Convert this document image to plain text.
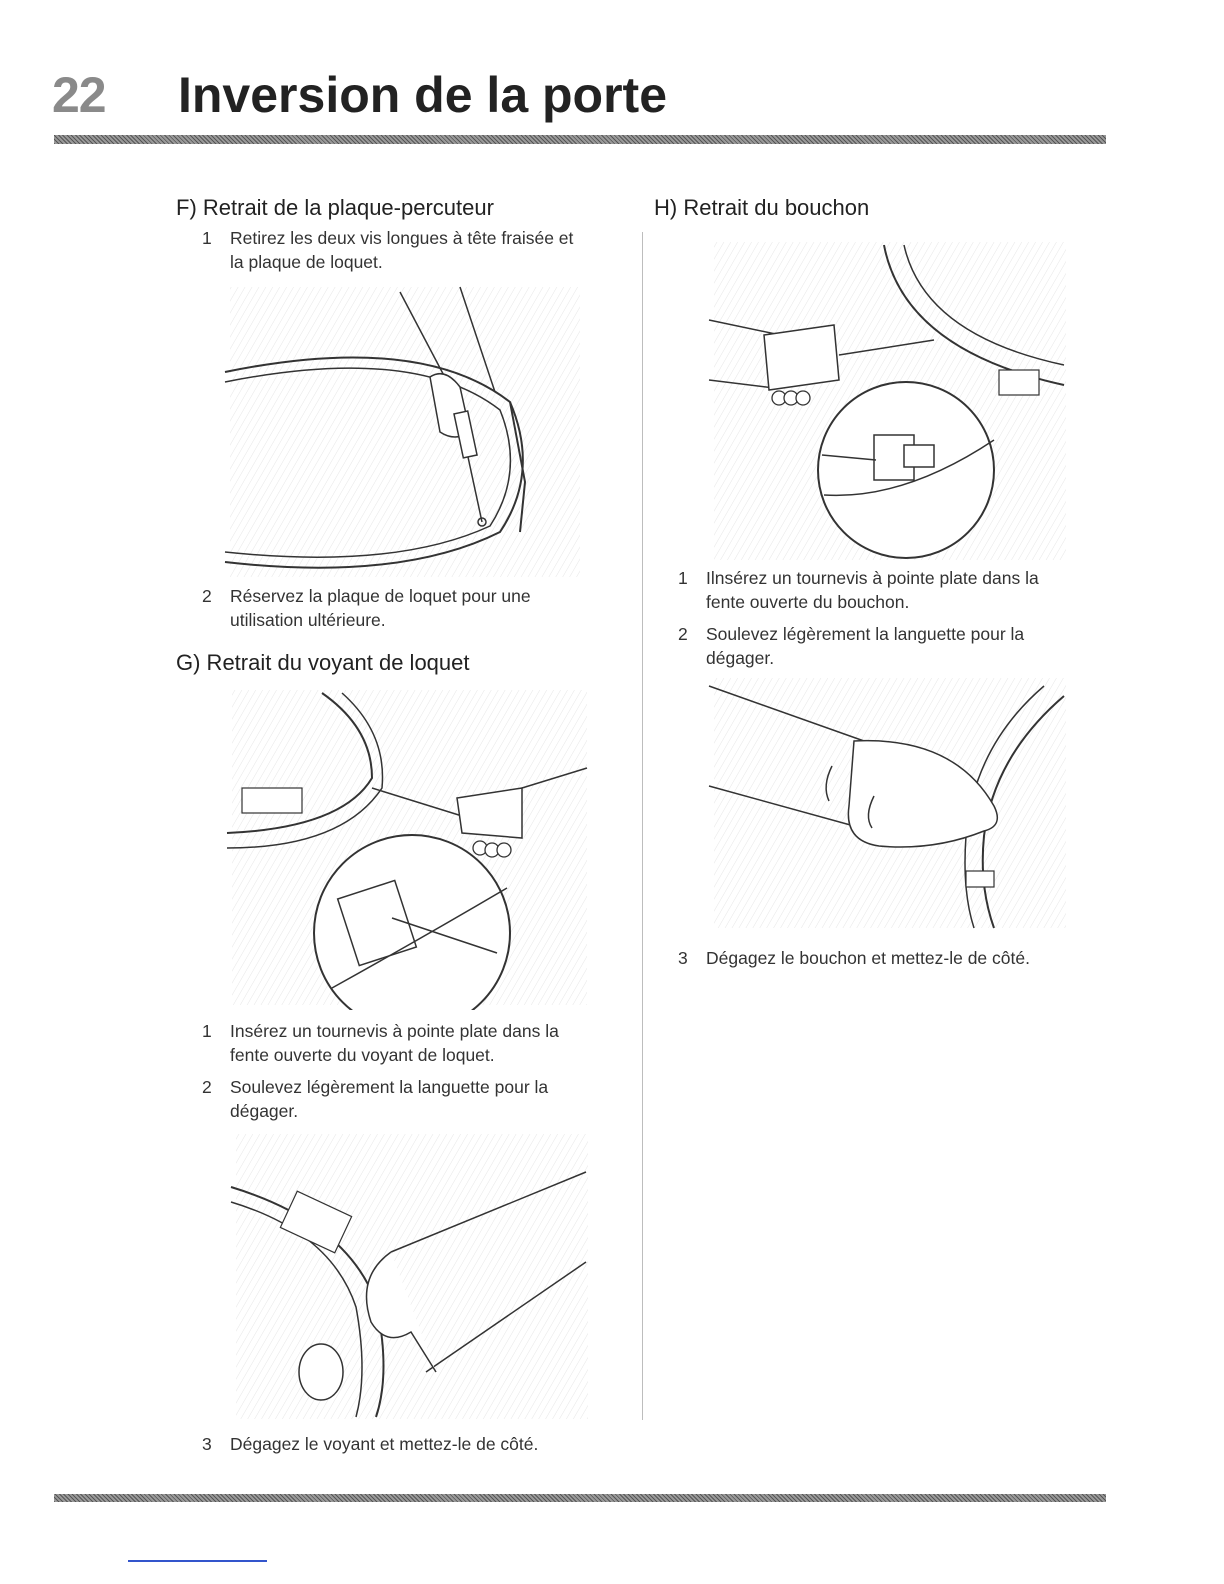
22 Inversion de la porte
F) Retrait de la plaque-percuteur
1 Retirez les deux vis longues à tête fraisée et
la plaque de loquet.
2 Réservez la plaque de loquet pour une
utilisation ultérieure.
G) Retrait du voyant de loquet
1 Insérez un tournevis à pointe plate dans la
fente ouverte du voyant de loquet.
2 Soulevez légèrement la languette pour la
dégager.
3 Dégagez le voyant et mettez-le de côté.
H) Retrait du bouchon
1 Ilnsérez un tournevis à pointe plate dans la
fente ouverte du bouchon.
2 Soulevez légèrement la languette pour la
dégager.
3 Dégagez le bouchon et mettez-le de côté.
